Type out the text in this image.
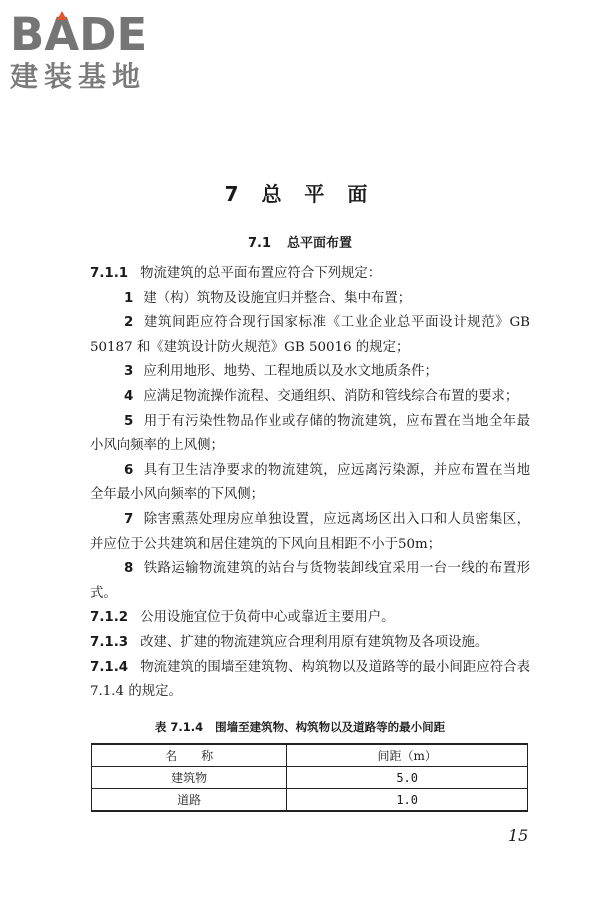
BADE
建装基地
7 总 平 面
7.1 总平面布置

7.1.1 物流建筑的总平面布置应符合下列规定：

1 建（构）筑物及设施宜归并整合、集中布置；

2 建筑间距应符合现行国家标准《工业企业总平面设计规范》GB 50187 和《建筑设计防火规范》GB 50016 的规定；

3 应利用地形、地势、工程地质以及水文地质条件；

4 应满足物流操作流程、交通组织、消防和管线综合布置的要求；

5 用于有污染性物品作业或存储的物流建筑，应布置在当地全年最小风向频率的上风侧；

6 具有卫生洁净要求的物流建筑，应远离污染源，并应布置在当地全年最小风向频率的下风侧；

7 除害熏蒸处理房应单独设置，应远离场区出入口和人员密集区，并应位于公共建筑和居住建筑的下风向且相距不小于50m；

8 铁路运输物流建筑的站台与货物装卸线宜采用一台一线的布置形式。

7.1.2 公用设施宜位于负荷中心或靠近主要用户。

7.1.3 改建、扩建的物流建筑应合理利用原有建筑物及各项设施。

7.1.4 物流建筑的围墙至建筑物、构筑物以及道路等的最小间距应符合表 7.1.4 的规定。

表 7.1.4 围墙至建筑物、构筑物以及道路等的最小间距
名　　称	间距（m）
建筑物	5.0
道路	1.0
15
